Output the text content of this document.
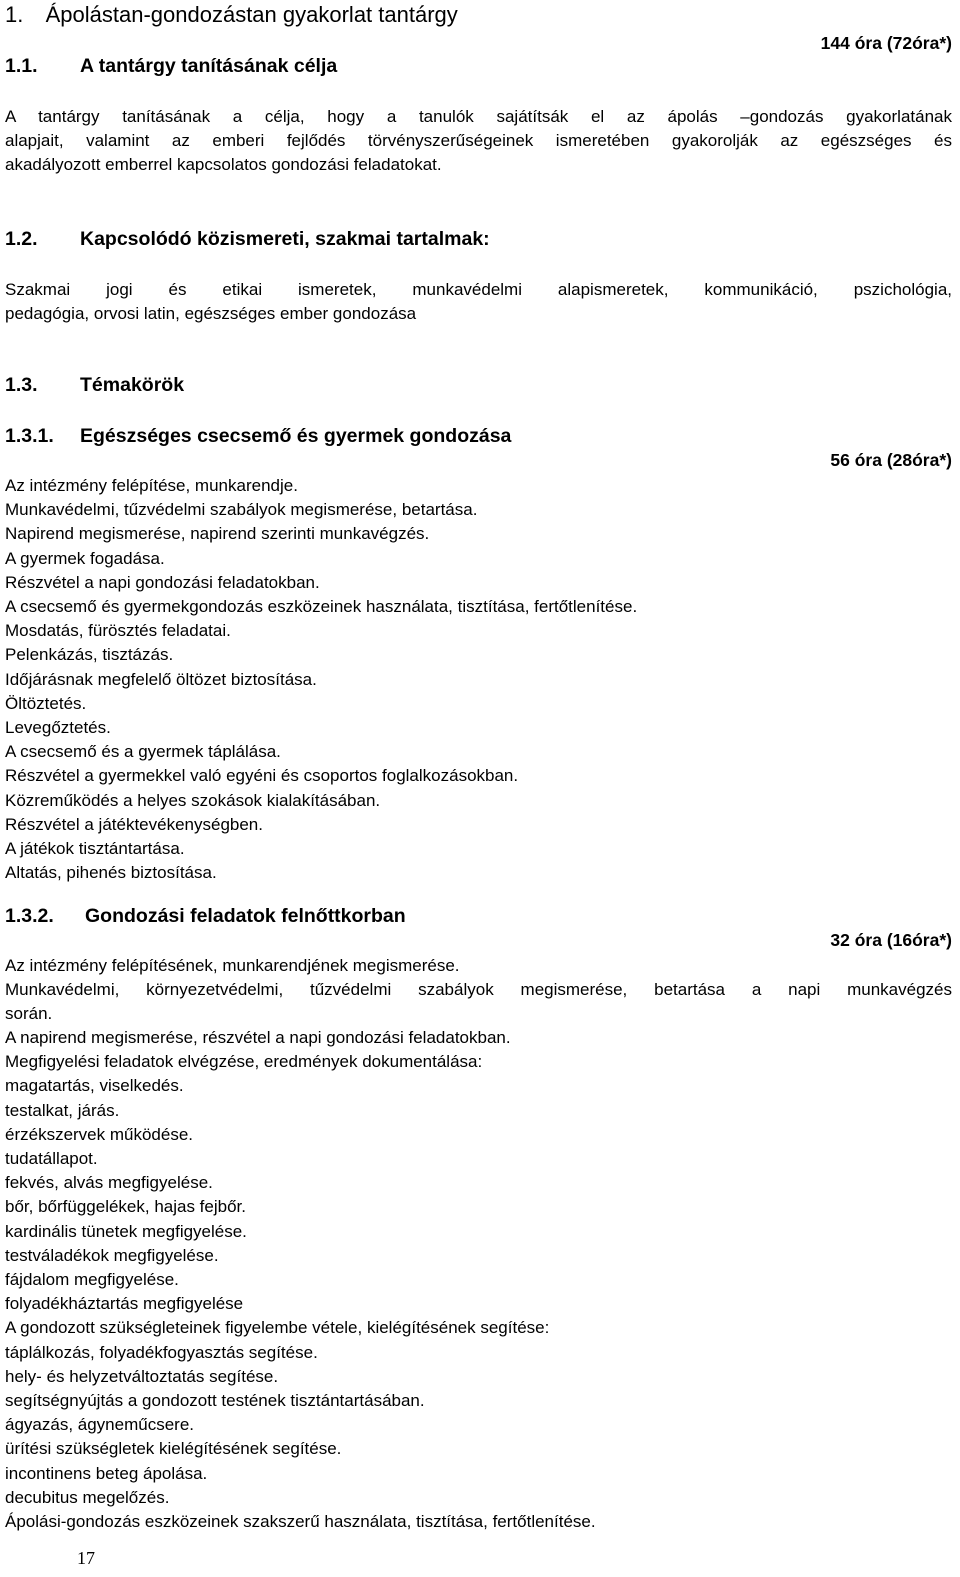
1. Ápolástan-gondozástan gyakorlat tantárgy
144 óra (72óra*)
1.1. A tantárgy tanításának célja
A tantárgy tanításának a célja, hogy a tanulók sajátítsák el az ápolás –gondozás gyakorlatának
alapjait, valamint az emberi fejlődés törvényszerűségeinek ismeretében gyakorolják az egészséges és
akadályozott emberrel kapcsolatos gondozási feladatokat.
1.2. Kapcsolódó közismereti, szakmai tartalmak:
Szakmai jogi és etikai ismeretek, munkavédelmi alapismeretek, kommunikáció, pszichológia,
pedagógia, orvosi latin, egészséges ember gondozása
1.3. Témakörök
1.3.1. Egészséges csecsemő és gyermek gondozása
56 óra (28óra*)
Az intézmény felépítése, munkarendje.
Munkavédelmi, tűzvédelmi szabályok megismerése, betartása.
Napirend megismerése, napirend szerinti munkavégzés.
A gyermek fogadása.
Részvétel a napi gondozási feladatokban.
A csecsemő és gyermekgondozás eszközeinek használata, tisztítása, fertőtlenítése.
Mosdatás, fürösztés feladatai.
Pelenkázás, tisztázás.
Időjárásnak megfelelő öltözet biztosítása.
Öltöztetés.
Levegőztetés.
A csecsemő és a gyermek táplálása.
Részvétel a gyermekkel való egyéni és csoportos foglalkozásokban.
Közreműködés a helyes szokások kialakításában.
Részvétel a játéktevékenységben.
A játékok tisztántartása.
Altatás, pihenés biztosítása.
1.3.2. Gondozási feladatok felnőttkorban
32 óra (16óra*)
Az intézmény felépítésének, munkarendjének megismerése.
Munkavédelmi, környezetvédelmi, tűzvédelmi szabályok megismerése, betartása a napi munkavégzés
során.
A napirend megismerése, részvétel a napi gondozási feladatokban.
Megfigyelési feladatok elvégzése, eredmények dokumentálása:
magatartás, viselkedés.
testalkat, járás.
érzékszervek működése.
tudatállapot.
fekvés, alvás megfigyelése.
bőr, bőrfüggelékek, hajas fejbőr.
kardinális tünetek megfigyelése.
testváladékok megfigyelése.
fájdalom megfigyelése.
folyadékháztartás megfigyelése
A gondozott szükségleteinek figyelembe vétele, kielégítésének segítése:
táplálkozás, folyadékfogyasztás segítése.
hely- és helyzetváltoztatás segítése.
segítségnyújtás a gondozott testének tisztántartásában.
ágyazás, ágyneműcsere.
ürítési szükségletek kielégítésének segítése.
incontinens beteg ápolása.
decubitus megelőzés.
Ápolási-gondozás eszközeinek szakszerű használata, tisztítása, fertőtlenítése.
17
